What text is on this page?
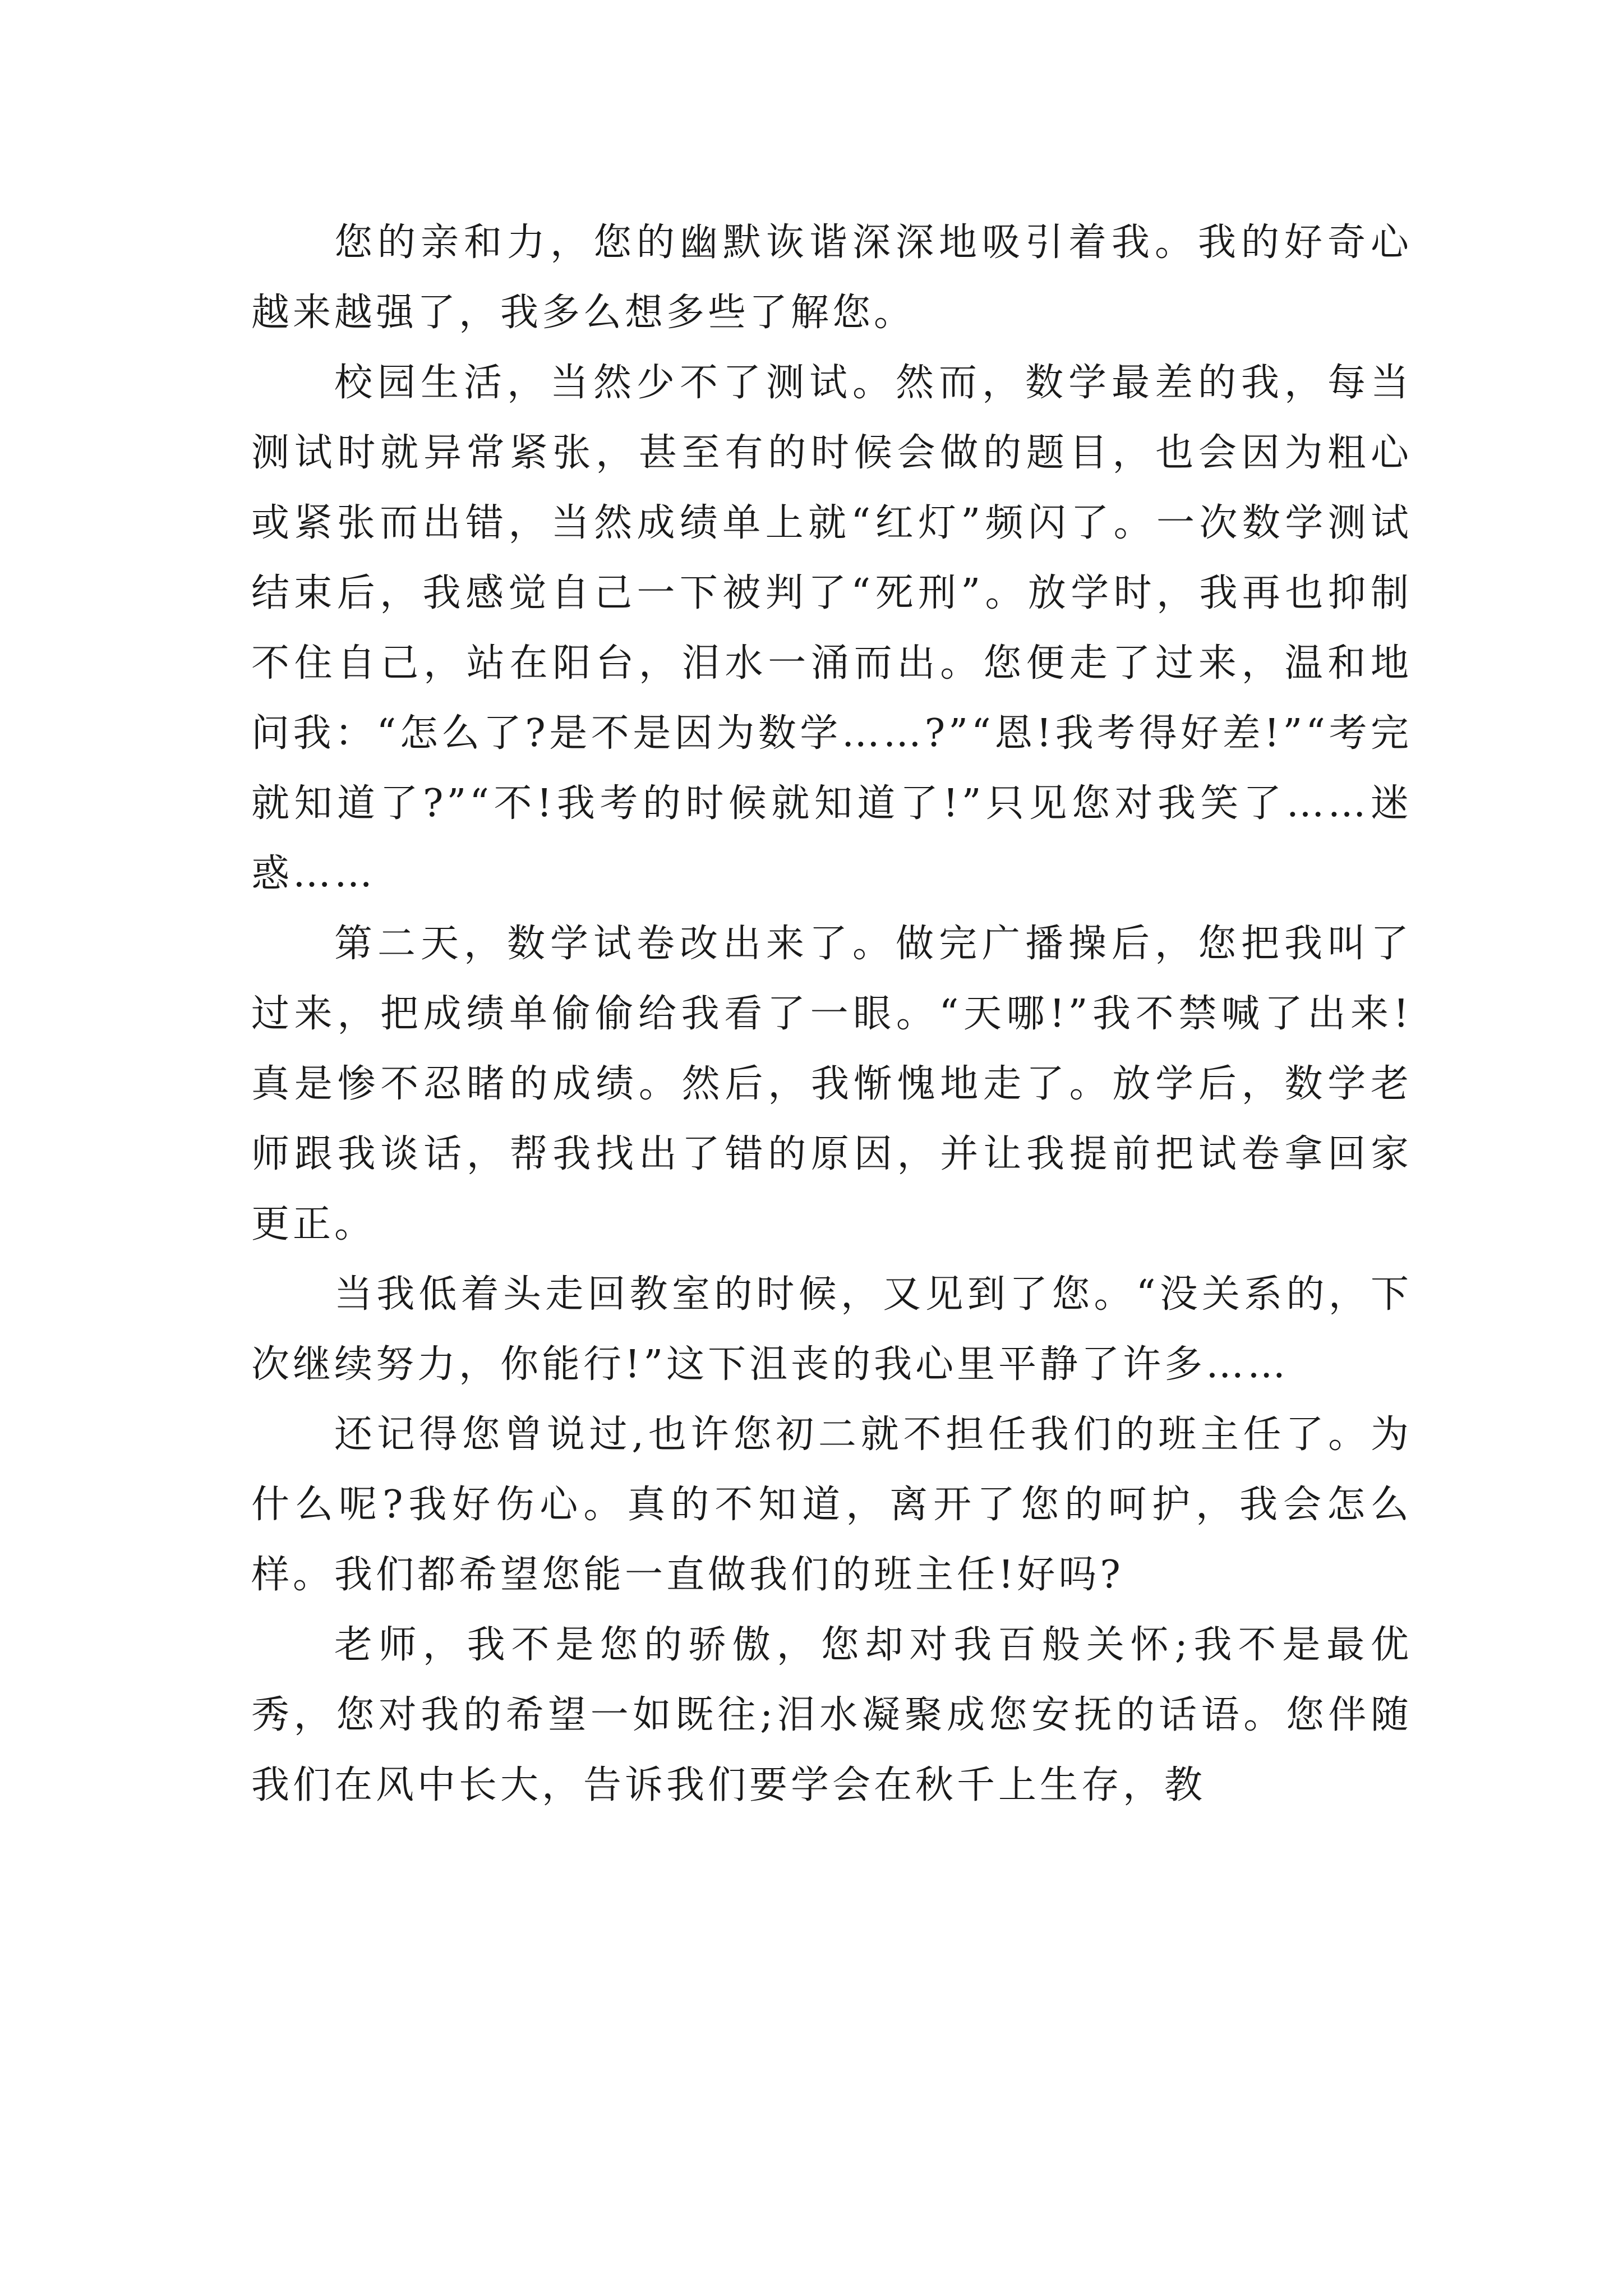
您的亲和力，您的幽默诙谐深深地吸引着我。我的好奇心越来越强了，我多么想多些了解您。

校园生活，当然少不了测试。然而，数学最差的我，每当测试时就异常紧张，甚至有的时候会做的题目，也会因为粗心或紧张而出错，当然成绩单上就“红灯”频闪了。一次数学测试结束后，我感觉自己一下被判了“死刑”。放学时，我再也抑制不住自己，站在阳台，泪水一涌而出。您便走了过来，温和地问我：“怎么了?是不是因为数学……?”“恩!我考得好差!”“考完就知道了?”“不!我考的时候就知道了!”只见您对我笑了……迷惑……

第二天，数学试卷改出来了。做完广播操后，您把我叫了过来，把成绩单偷偷给我看了一眼。“天哪!”我不禁喊了出来!真是惨不忍睹的成绩。然后，我惭愧地走了。放学后，数学老师跟我谈话，帮我找出了错的原因，并让我提前把试卷拿回家更正。

当我低着头走回教室的时候，又见到了您。“没关系的，下次继续努力，你能行!”这下沮丧的我心里平静了许多……

还记得您曾说过,也许您初二就不担任我们的班主任了。为什么呢?我好伤心。真的不知道，离开了您的呵护，我会怎么样。我们都希望您能一直做我们的班主任!好吗?

老师，我不是您的骄傲，您却对我百般关怀;我不是最优秀，您对我的希望一如既往;泪水凝聚成您安抚的话语。您伴随我们在风中长大，告诉我们要学会在秋千上生存，教
